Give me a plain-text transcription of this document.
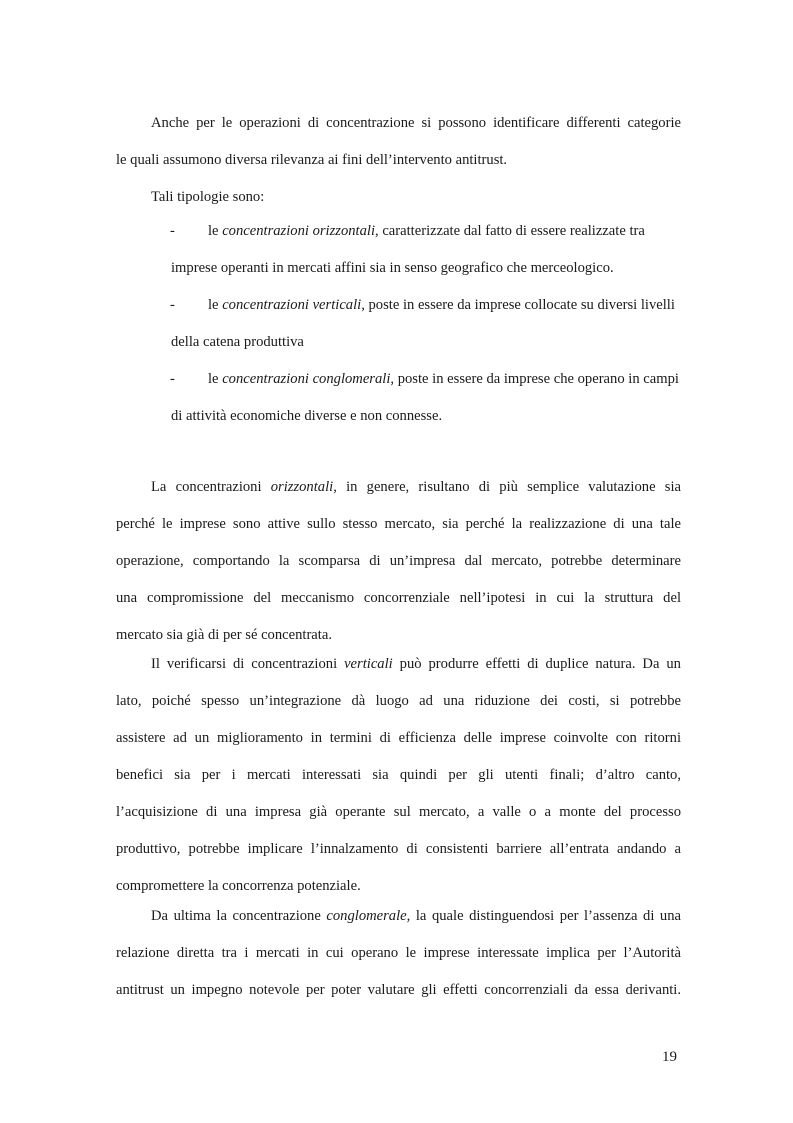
Anche per le operazioni di concentrazione si possono identificare differenti categorie
le quali assumono diversa rilevanza ai fini dell’intervento antitrust.
Tali tipologie sono:
- le concentrazioni orizzontali, caratterizzate dal fatto di essere realizzate tra
imprese operanti in mercati affini sia in senso geografico che merceologico.
- le concentrazioni verticali, poste in essere da imprese collocate su diversi livelli
della catena produttiva
- le concentrazioni conglomerali, poste in essere da imprese che operano in campi
di attività economiche diverse e non connesse.
La concentrazioni orizzontali, in genere, risultano di più semplice valutazione sia
perché le imprese sono attive sullo stesso mercato, sia perché la realizzazione di una tale
operazione, comportando la scomparsa di un’impresa dal mercato, potrebbe determinare
una compromissione del meccanismo concorrenziale nell’ipotesi in cui la struttura del
mercato sia già di per sé concentrata.
Il verificarsi di concentrazioni verticali può produrre effetti di duplice natura. Da un
lato, poiché spesso un’integrazione dà luogo ad una riduzione dei costi, si potrebbe
assistere ad un miglioramento in termini di efficienza delle imprese coinvolte con ritorni
benefici sia per i mercati interessati sia quindi per gli utenti finali; d’altro canto,
l’acquisizione di una impresa già operante sul mercato, a valle o a monte del processo
produttivo, potrebbe implicare l’innalzamento di consistenti barriere all’entrata andando a
compromettere la concorrenza potenziale.
Da ultima la concentrazione conglomerale, la quale distinguendosi per l’assenza di una
relazione diretta tra i mercati in cui operano le imprese interessate implica per l’Autorità
antitrust un impegno notevole per poter valutare gli effetti concorrenziali da essa derivanti.
19
